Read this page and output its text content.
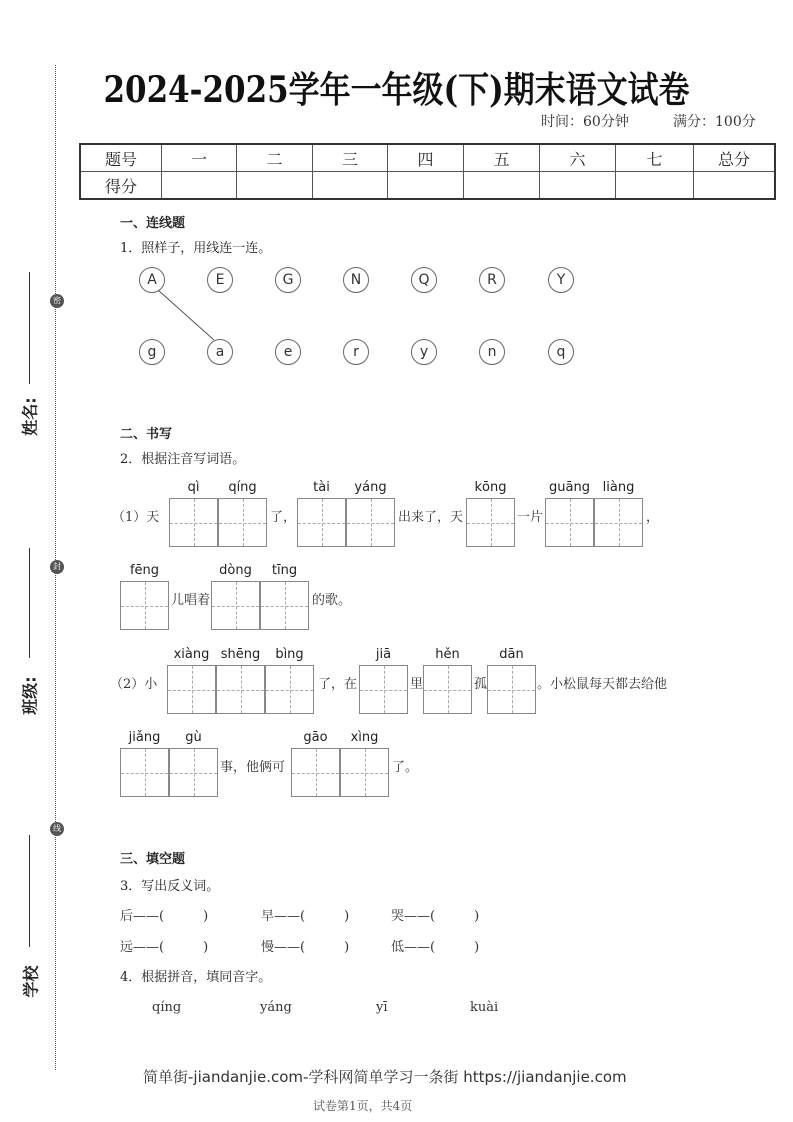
密
封
线
姓名:
班级:
学校
2024-2025学年一年级(下)期末语文试卷
时间：60分钟	满分：100分
题号	一	二	三	四	五	六	七	总分
得分								
一、连线题
1．照样子，用线连一连。
A	E	G	N	Q	R	Y
g	a	e	r	y	n	q
二、书写
2．根据注音写词语。
（1）天
qì	qíng
了，
tài	yáng
出来了，天
kōng
一片
guāng liàng
，
fēng
儿唱着
dòng	tīng
的歌。
（2）小
xiàng shēng	bìng
了，在
jiā
里
hěn
孤
dān
。小松鼠每天都去给他
jiǎng	gù
事，他俩可
gāo	xìng
了。
三、填空题
3．写出反义词。
后——(　　　)	早——(　　　)	哭——(　　　)
远——(　　　)	慢——(　　　)	低——(　　　)
4．根据拼音，填同音字。
qíng	yáng	yī	kuài
简单街-jiandanjie.com-学科网简单学习一条街 https://jiandanjie.com
试卷第1页，共4页
